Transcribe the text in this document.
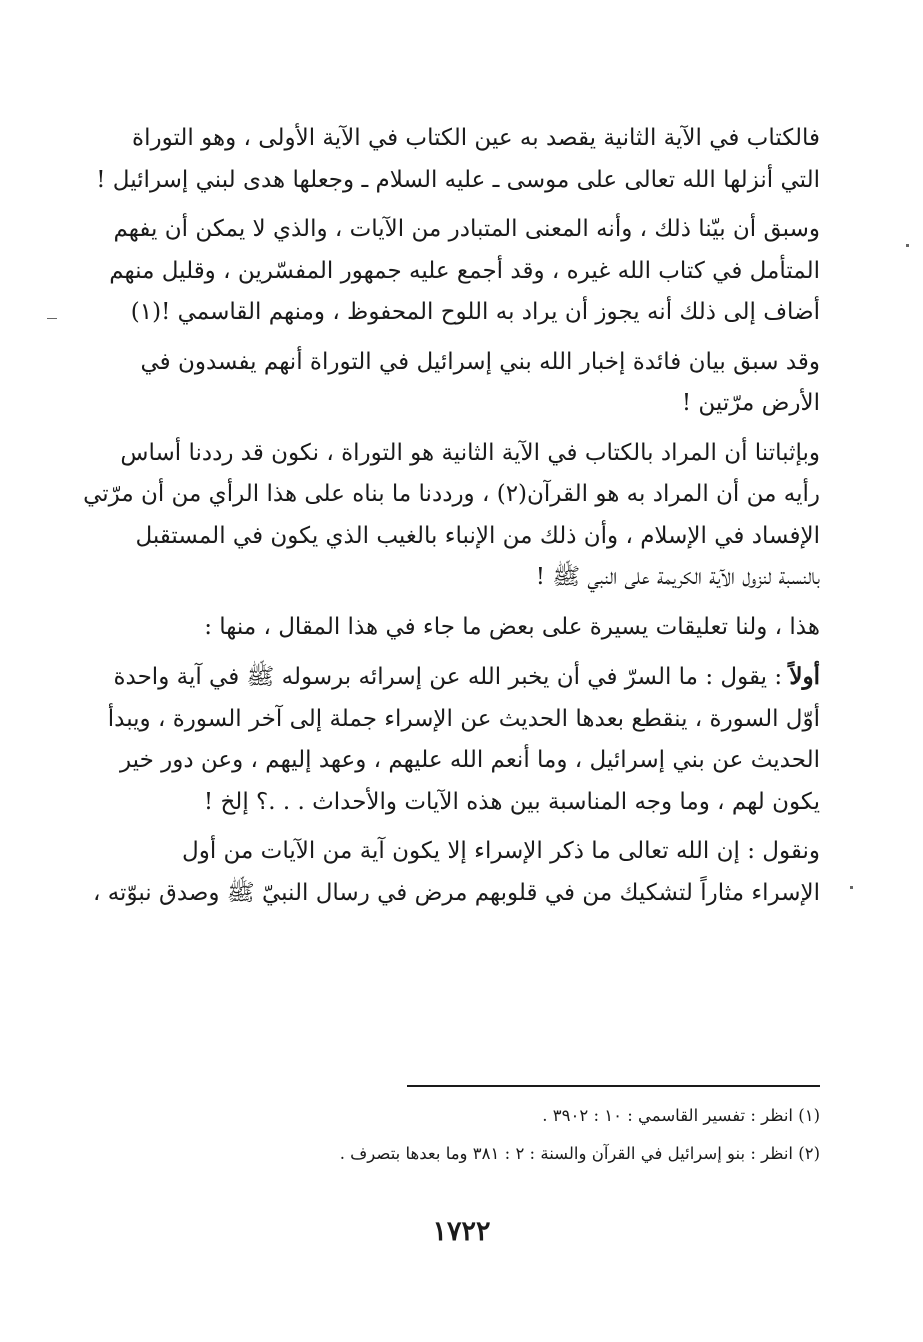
فالكتاب في الآية الثانية يقصد به عين الكتاب في الآية الأولى ، وهو التوراة
التي أنزلها الله تعالى على موسى ـ عليه السلام ـ وجعلها هدى لبني إسرائيل !

وسبق أن بيّنا ذلك ، وأنه المعنى المتبادر من الآيات ، والذي لا يمكن أن يفهم
المتأمل في كتاب الله غيره ، وقد أجمع عليه جمهور المفسّرين ، وقليل منهم
أضاف إلى ذلك أنه يجوز أن يراد به اللوح المحفوظ ، ومنهم القاسمي !(١)

وقد سبق بيان فائدة إخبار الله بني إسرائيل في التوراة أنهم يفسدون في
الأرض مرّتين !

وبإثباتنا أن المراد بالكتاب في الآية الثانية هو التوراة ، نكون قد رددنا أساس
رأيه من أن المراد به هو القرآن(٢) ، ورددنا ما بناه على هذا الرأي من أن مرّتي
الإفساد في الإسلام ، وأن ذلك من الإنباء بالغيب الذي يكون في المستقبل
بالنسبة لنزول الآية الكريمة على النبي ﷺ !

هذا ، ولنا تعليقات يسيرة على بعض ما جاء في هذا المقال ، منها :

أولاً : يقول : ما السرّ في أن يخبر الله عن إسرائه برسوله ﷺ في آية واحدة
أوّل السورة ، ينقطع بعدها الحديث عن الإسراء جملة إلى آخر السورة ، ويبدأ
الحديث عن بني إسرائيل ، وما أنعم الله عليهم ، وعهد إليهم ، وعن دور خير
يكون لهم ، وما وجه المناسبة بين هذه الآيات والأحداث . . .؟ إلخ !

ونقول : إن الله تعالى ما ذكر الإسراء إلا يكون آية من الآيات من أول
الإسراء مثاراً لتشكيك من في قلوبهم مرض في رسال النبيّ ﷺ وصدق نبوّته ،

(١) انظر : تفسير القاسمي : ١٠ : ٣٩٠٢ .
(٢) انظر : بنو إسرائيل في القرآن والسنة : ٢ : ٣٨١ وما بعدها بتصرف .
١٧٢٢
